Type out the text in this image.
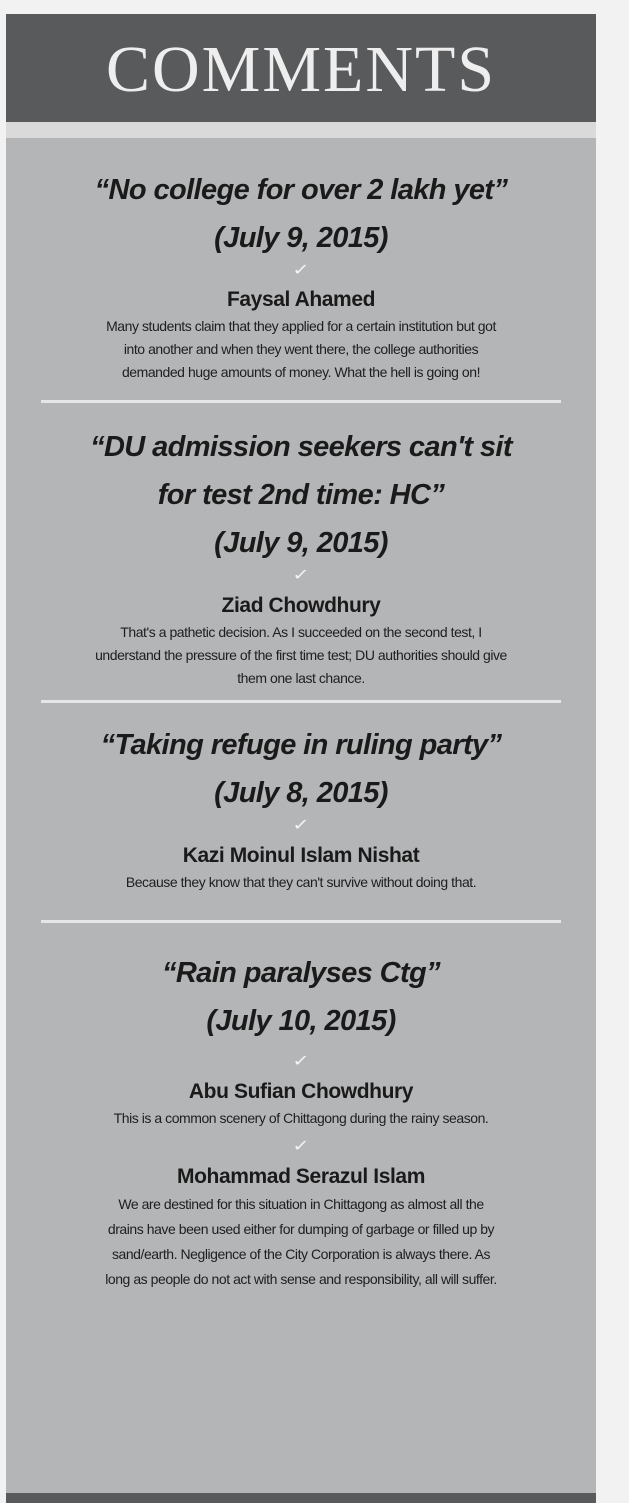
COMMENTS
“No college for over 2 lakh yet”
(July 9, 2015)
✓
Faysal Ahamed
Many students claim that they applied for a certain institution but got
into another and when they went there, the college authorities
demanded huge amounts of money. What the hell is going on!
“DU admission seekers can't sit
for test 2nd time: HC”
(July 9, 2015)
✓
Ziad Chowdhury
That's a pathetic decision. As I succeeded on the second test, I
understand the pressure of the first time test; DU authorities should give
them one last chance.
“Taking refuge in ruling party”
(July 8, 2015)
✓
Kazi Moinul Islam Nishat
Because they know that they can't survive without doing that.
“Rain paralyses Ctg”
(July 10, 2015)
✓
Abu Sufian Chowdhury
This is a common scenery of Chittagong during the rainy season.
✓
Mohammad Serazul Islam
We are destined for this situation in Chittagong as almost all the
drains have been used either for dumping of garbage or filled up by
sand/earth. Negligence of the City Corporation is always there. As
long as people do not act with sense and responsibility, all will suffer.
